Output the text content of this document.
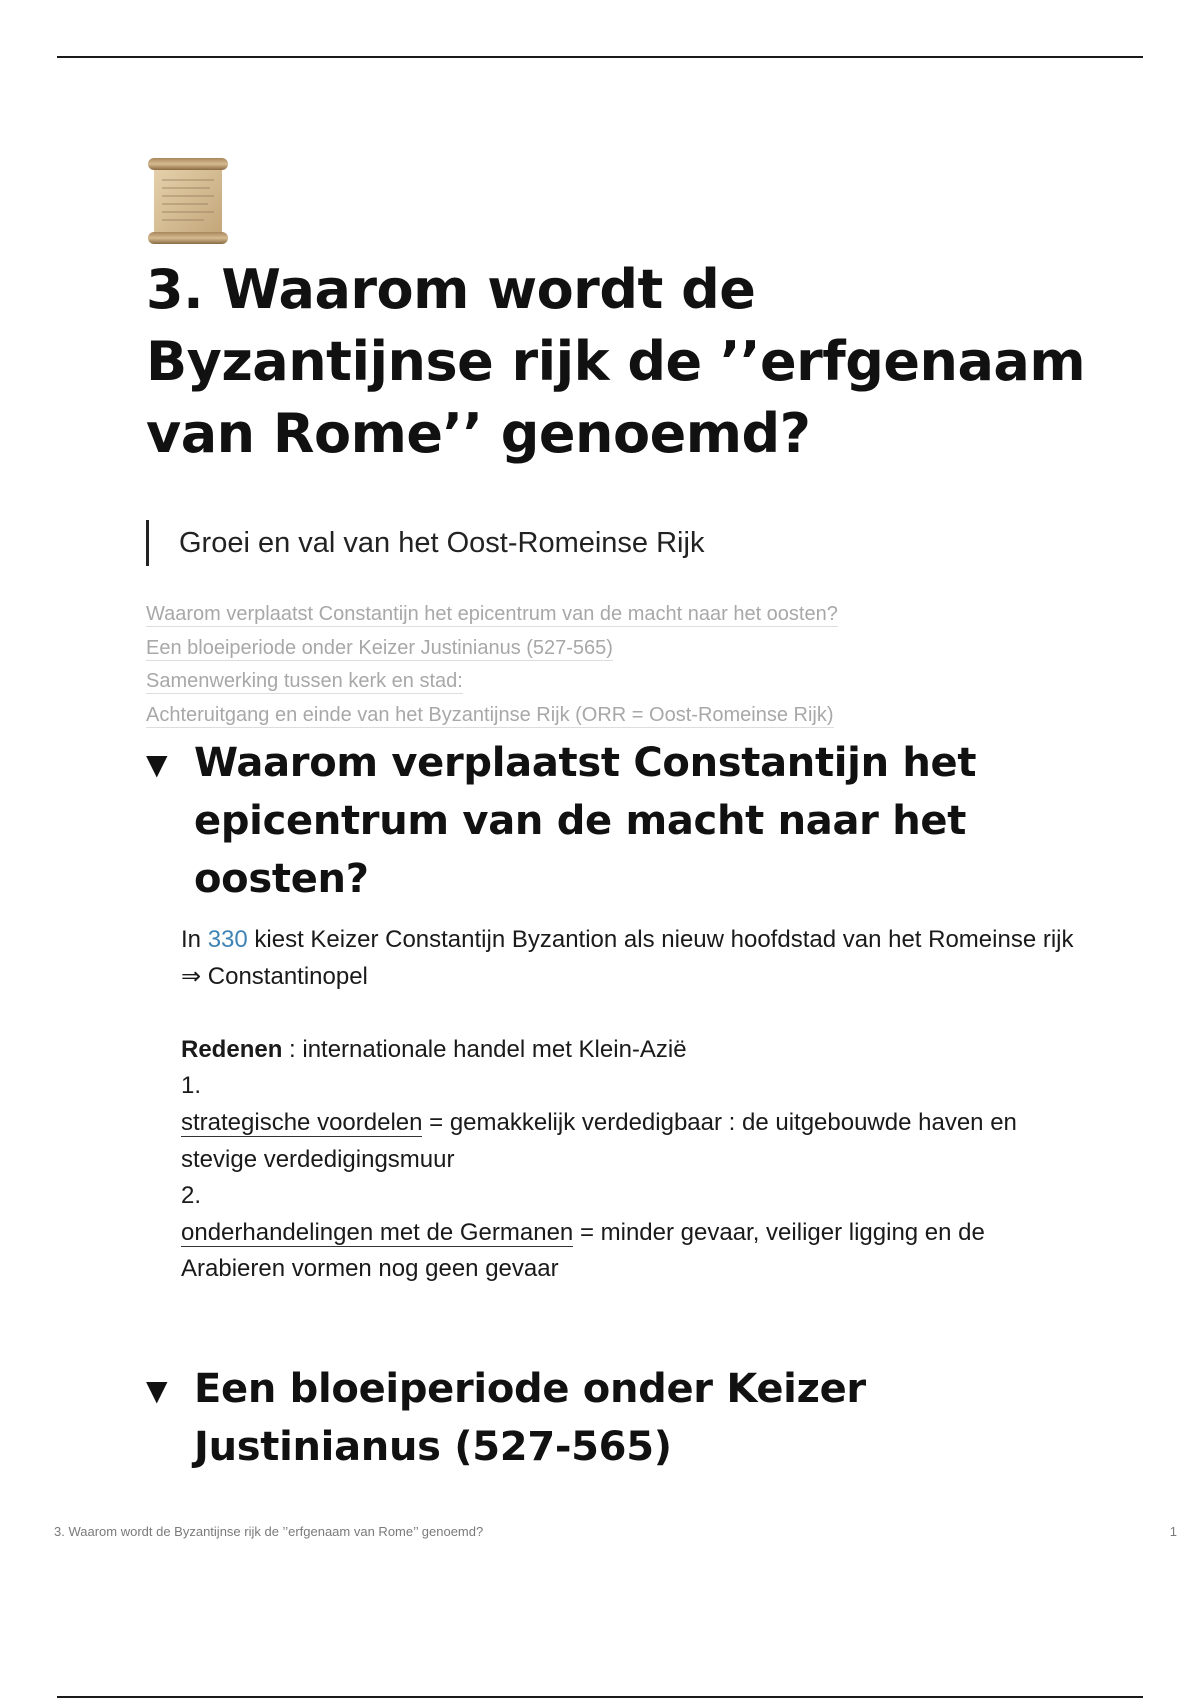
3. Waarom wordt de Byzantijnse rijk de ’’erfgenaam van Rome’’ genoemd?
Groei en val van het Oost-Romeinse Rijk
Waarom verplaatst Constantijn het epicentrum van de macht naar het oosten?
Een bloeiperiode onder Keizer Justinianus (527-565)
Samenwerking tussen kerk en stad:
Achteruitgang en einde van het Byzantijnse Rijk (ORR = Oost-Romeinse Rijk)
▼ Waarom verplaatst Constantijn het epicentrum van de macht naar het oosten?
In 330 kiest Keizer Constantijn Byzantion als nieuw hoofdstad van het Romeinse rijk ⇒ Constantinopel
Redenen : internationale handel met Klein-Azië
1.
strategische voordelen = gemakkelijk verdedigbaar : de uitgebouwde haven en stevige verdedigingsmuur
2.
onderhandelingen met de Germanen = minder gevaar, veiliger ligging en de Arabieren vormen nog geen gevaar
▼ Een bloeiperiode onder Keizer Justinianus (527-565)
3. Waarom wordt de Byzantijnse rijk de ’’erfgenaam van Rome’’ genoemd?	1
